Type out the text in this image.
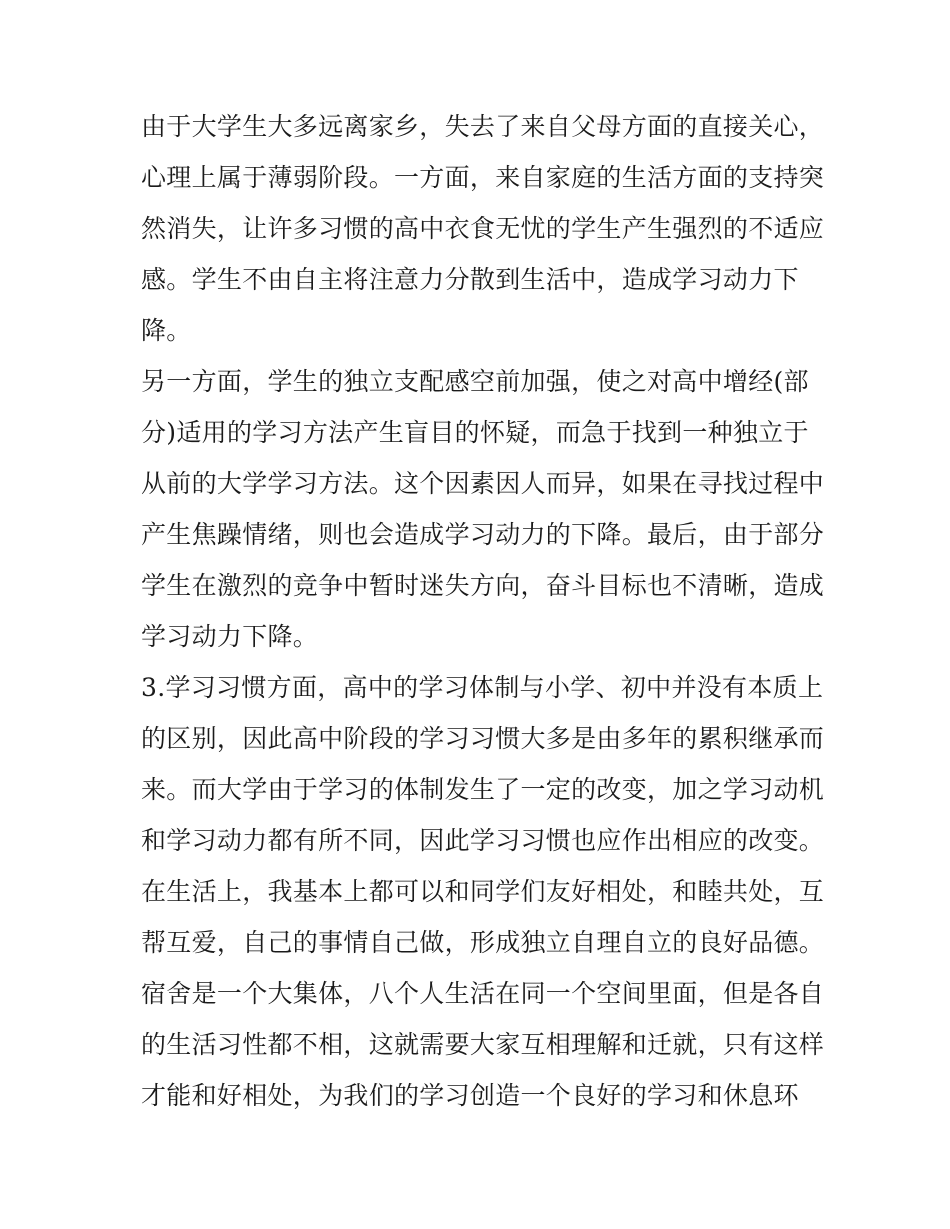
由于大学生大多远离家乡，失去了来自父母方面的直接关心，
心理上属于薄弱阶段。一方面，来自家庭的生活方面的支持突
然消失，让许多习惯的高中衣食无忧的学生产生强烈的不适应
感。学生不由自主将注意力分散到生活中，造成学习动力下
降。
另一方面，学生的独立支配感空前加强，使之对高中增经(部
分)适用的学习方法产生盲目的怀疑，而急于找到一种独立于
从前的大学学习方法。这个因素因人而异，如果在寻找过程中
产生焦躁情绪，则也会造成学习动力的下降。最后，由于部分
学生在激烈的竞争中暂时迷失方向，奋斗目标也不清晰，造成
学习动力下降。
3.学习习惯方面，高中的学习体制与小学、初中并没有本质上
的区别，因此高中阶段的学习习惯大多是由多年的累积继承而
来。而大学由于学习的体制发生了一定的改变，加之学习动机
和学习动力都有所不同，因此学习习惯也应作出相应的改变。
在生活上，我基本上都可以和同学们友好相处，和睦共处，互
帮互爱，自己的事情自己做，形成独立自理自立的良好品德。
宿舍是一个大集体，八个人生活在同一个空间里面，但是各自
的生活习性都不相，这就需要大家互相理解和迁就，只有这样
才能和好相处，为我们的学习创造一个良好的学习和休息环
